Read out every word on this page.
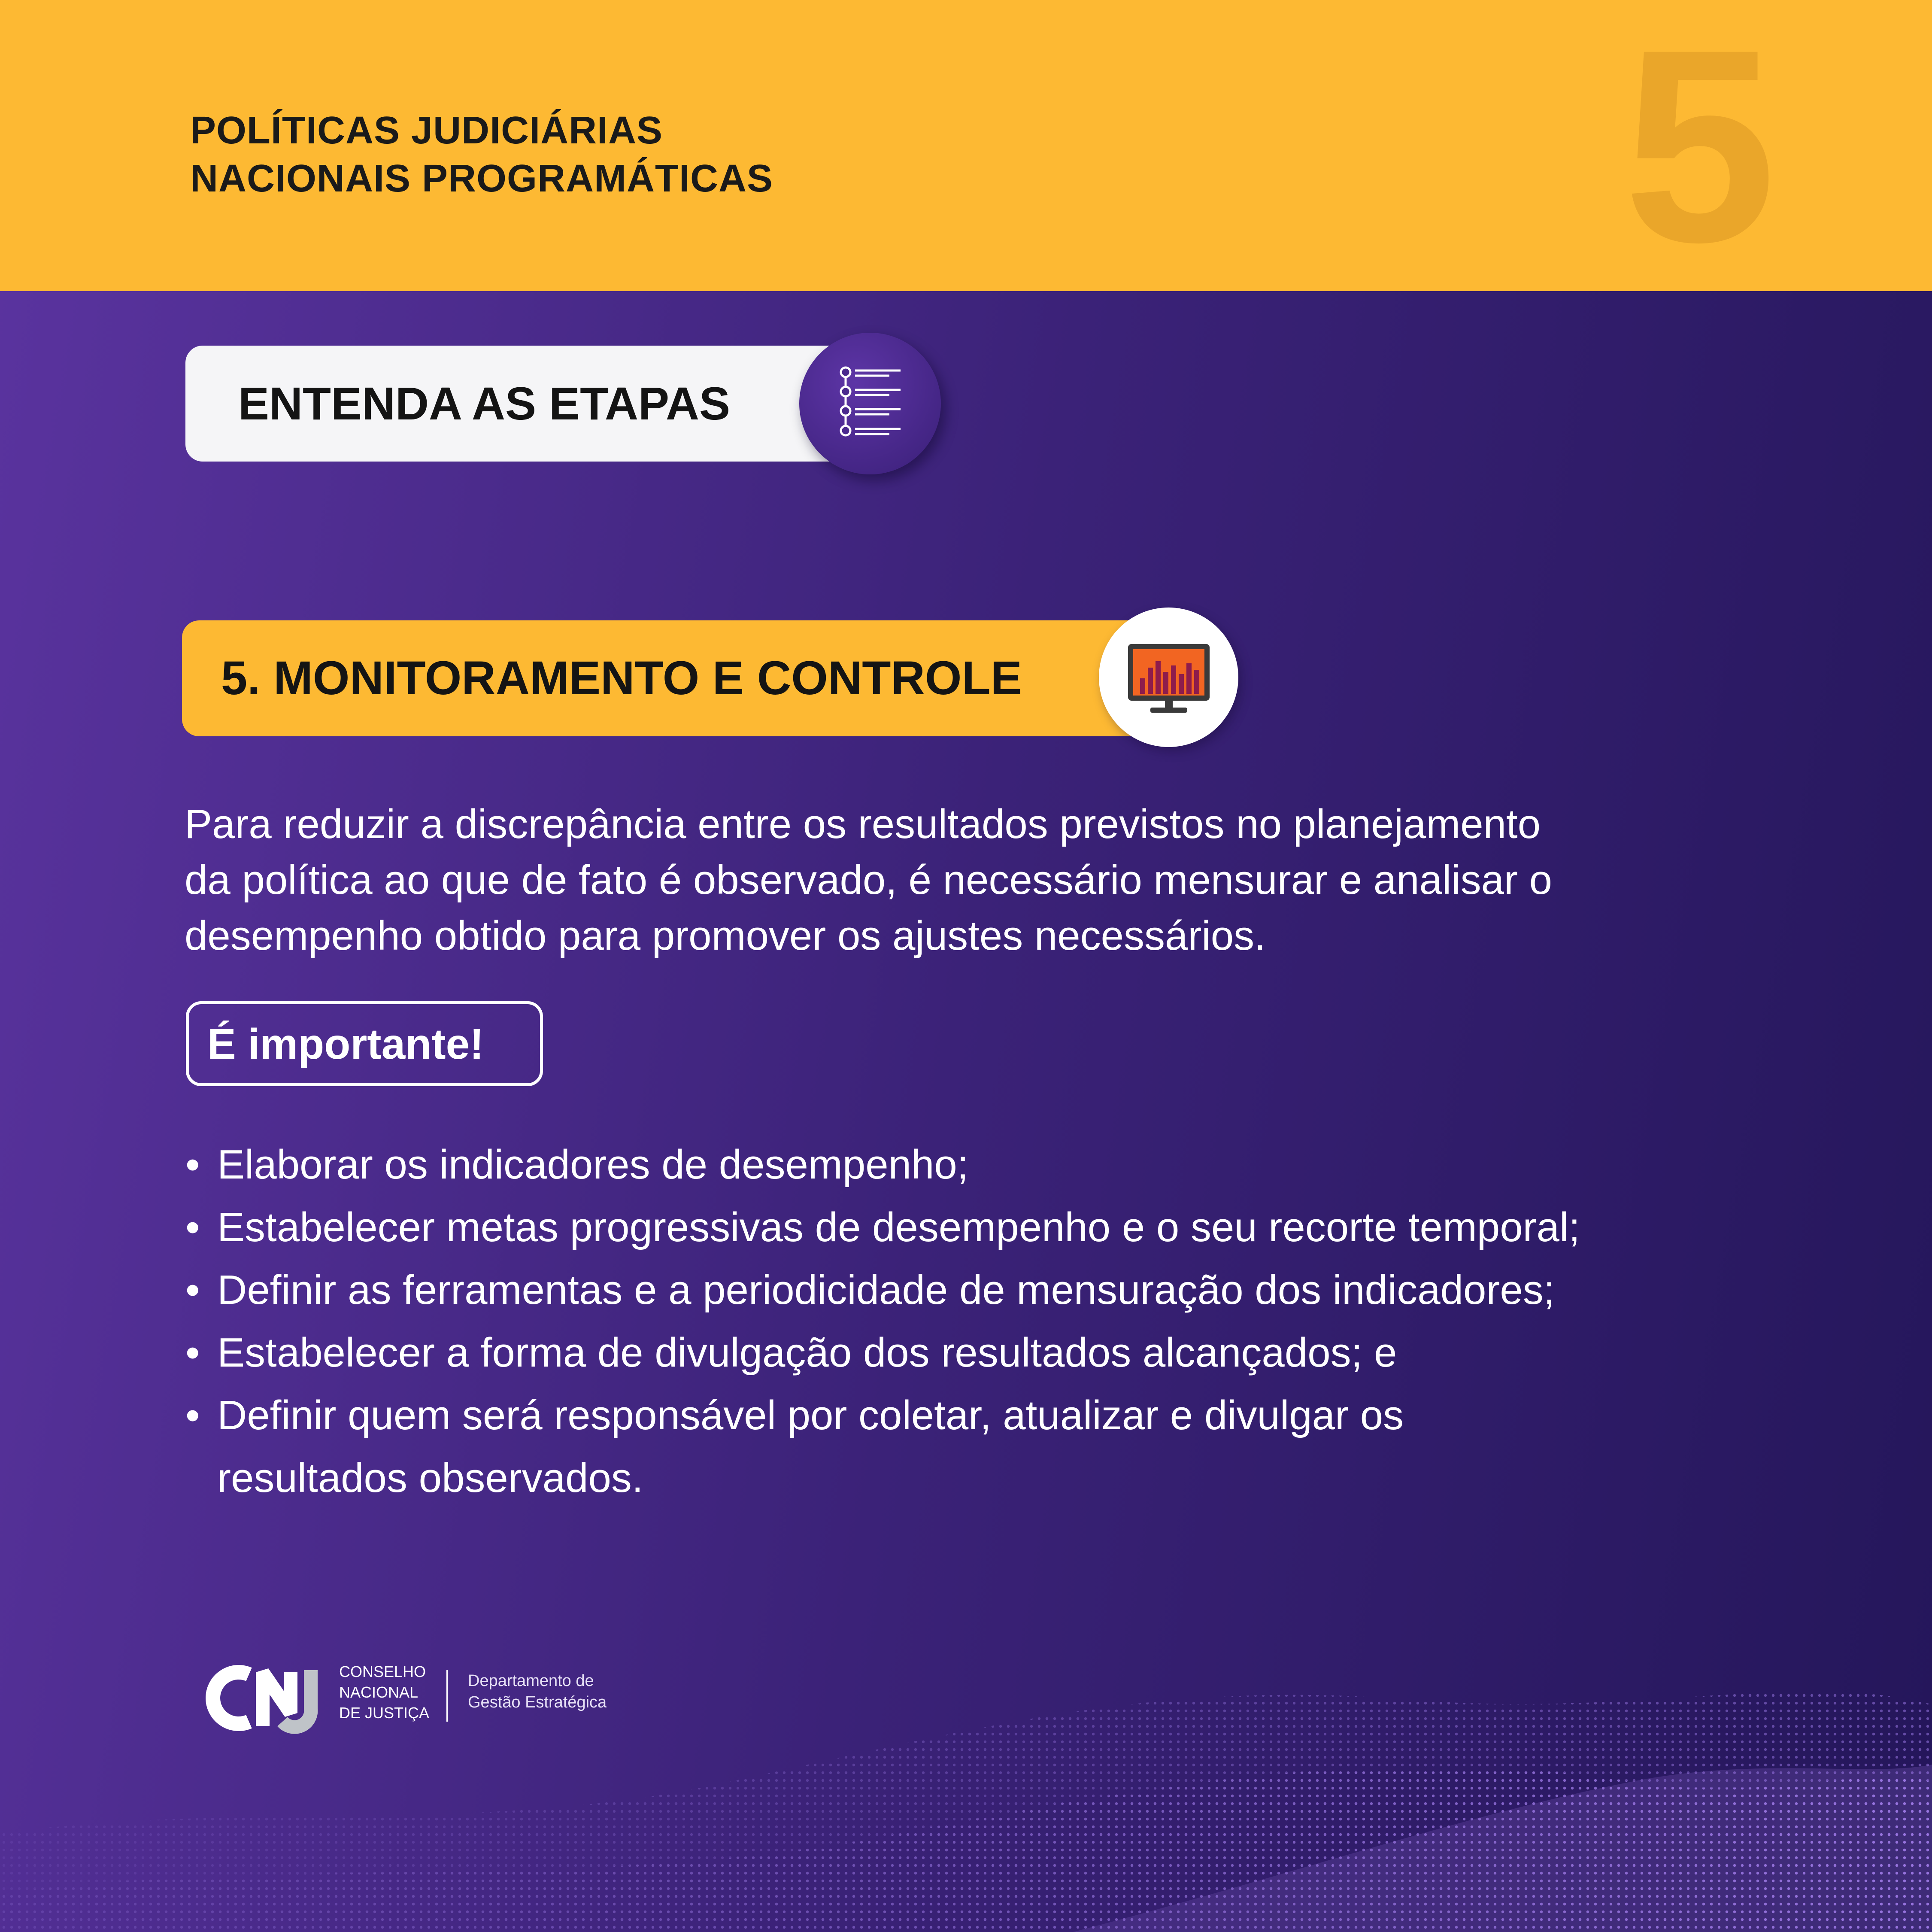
POLÍTICAS JUDICIÁRIAS
NACIONAIS PROGRAMÁTICAS	5
ENTENDA AS ETAPAS
5. MONITORAMENTO E CONTROLE
Para reduzir a discrepância entre os resultados previstos no planejamento
da política ao que de fato é observado, é necessário mensurar e analisar o
desempenho obtido para promover os ajustes necessários.
É importante!
• Elaborar os indicadores de desempenho;
• Estabelecer metas progressivas de desempenho e o seu recorte temporal;
• Definir as ferramentas e a periodicidade de mensuração dos indicadores;
• Estabelecer a forma de divulgação dos resultados alcançados; e
• Definir quem será responsável por coletar, atualizar e divulgar os
resultados observados.
CONSELHO
NACIONAL
DE JUSTIÇA
Departamento de
Gestão Estratégica
